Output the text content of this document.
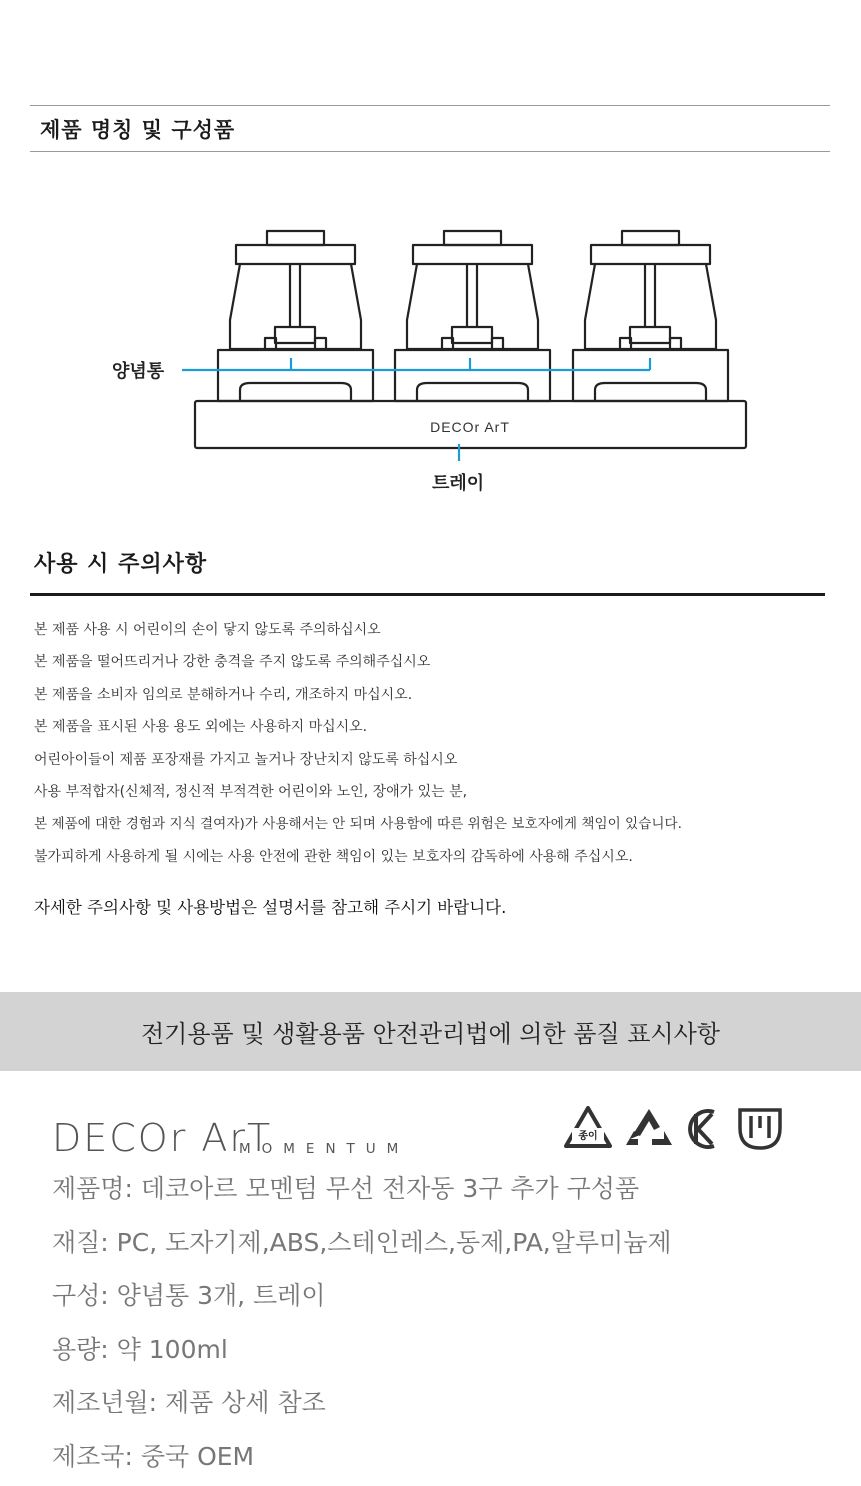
제품 명칭 및 구성품
DECOr ArT
양념통
트레이
사용 시 주의사항
본 제품 사용 시 어린이의 손이 닿지 않도록 주의하십시오
본 제품을 떨어뜨리거나 강한 충격을 주지 않도록 주의해주십시오
본 제품을 소비자 임의로 분해하거나 수리, 개조하지 마십시오.
본 제품을 표시된 사용 용도 외에는 사용하지 마십시오.
어린아이들이 제품 포장재를 가지고 놀거나 장난치지 않도록 하십시오
사용 부적합자(신체적, 정신적 부적격한 어린이와 노인, 장애가 있는 분,
본 제품에 대한 경험과 지식 결여자)가 사용해서는 안 되며 사용함에 따른 위험은 보호자에게 책임이 있습니다.
불가피하게 사용하게 될 시에는 사용 안전에 관한 책임이 있는 보호자의 감독하에 사용해 주십시오.
자세한 주의사항 및 사용방법은 설명서를 참고해 주시기 바랍니다.
전기용품 및 생활용품 안전관리법에 의한 품질 표시사항
DECOr ArT
MOMENTUM
종이
제품명: 데코아르 모멘텀 무선 전자동 3구 추가 구성품
재질: PC, 도자기제,ABS,스테인레스,동제,PA,알루미늄제
구성: 양념통 3개, 트레이
용량: 약 100ml
제조년월: 제품 상세 참조
제조국: 중국 OEM
